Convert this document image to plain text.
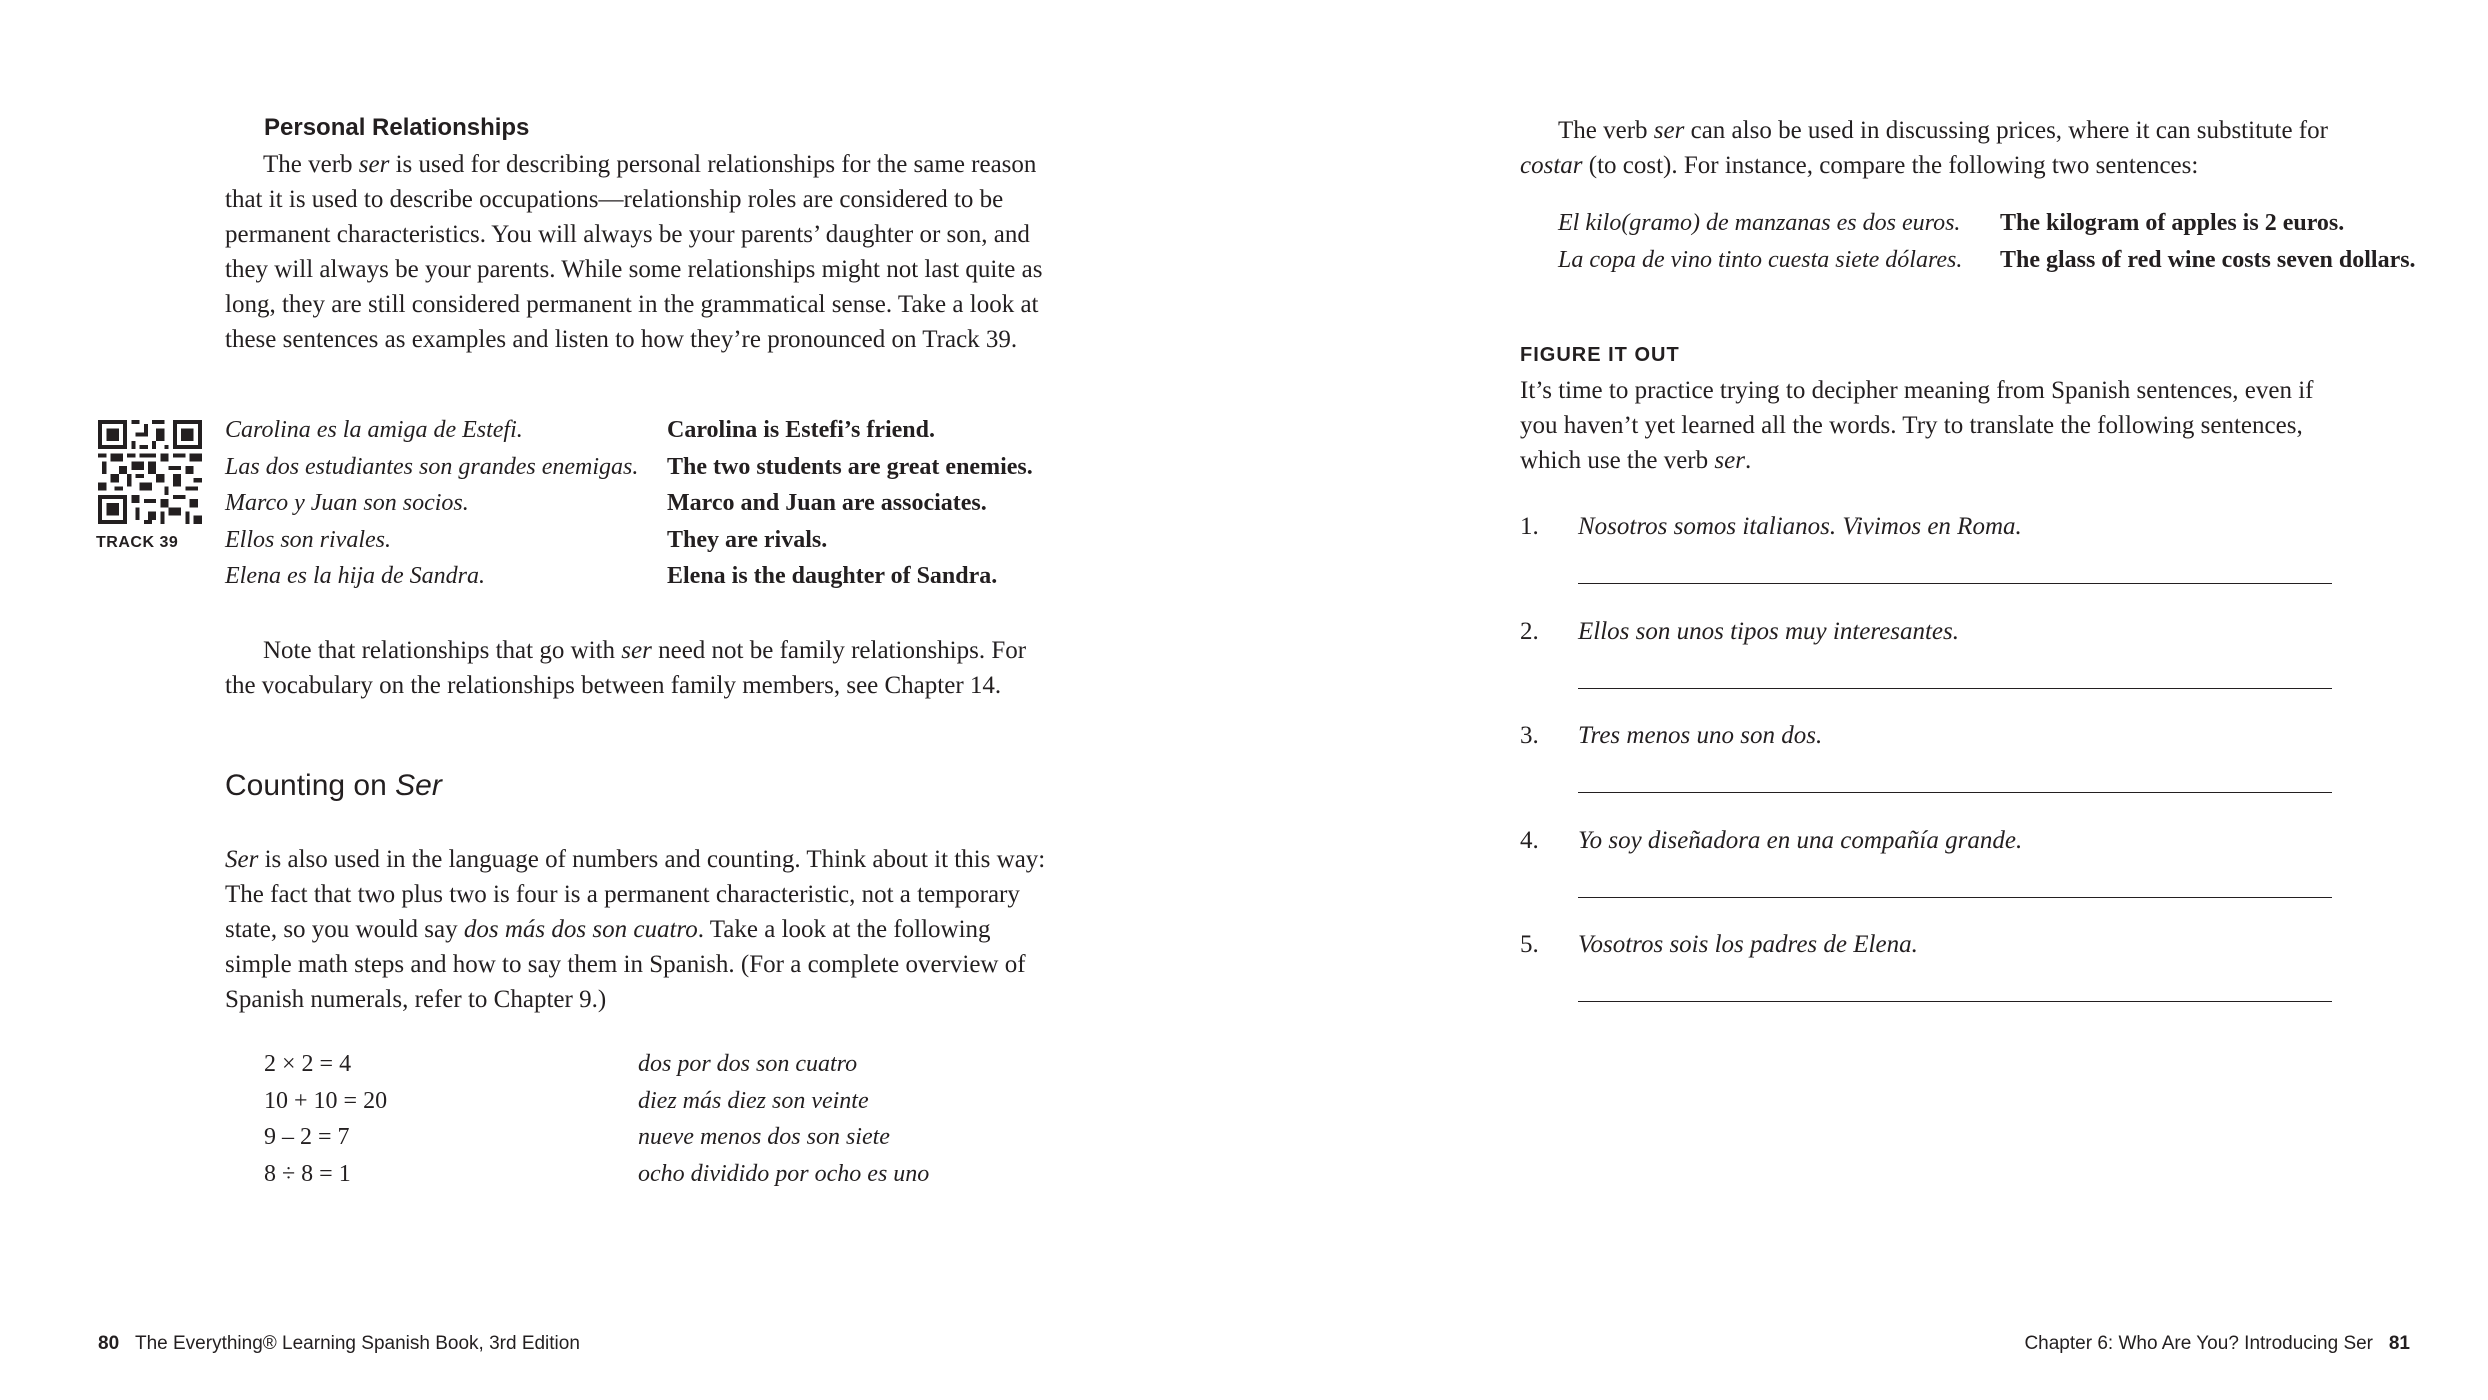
Personal Relationships

The verb ser is used for describing personal relationships for the same reason that it is used to describe occupations—relationship roles are considered to be permanent characteristics. You will always be your parents’ daughter or son, and they will always be your parents. While some relationships might not last quite as long, they are still considered permanent in the grammatical sense. Take a look at these sentences as examples and listen to how they’re pronounced on Track 39.

TRACK 39
Carolina es la amiga de Estefi.	Carolina is Estefi’s friend.
Las dos estudiantes son grandes enemigas.	The two students are great enemies.
Marco y Juan son socios.	Marco and Juan are associates.
Ellos son rivales.	They are rivals.
Elena es la hija de Sandra.	Elena is the daughter of Sandra.

Note that relationships that go with ser need not be family relationships. For the vocabulary on the relationships between family members, see Chapter 14.

Counting on Ser

Ser is also used in the language of numbers and counting. Think about it this way: The fact that two plus two is four is a permanent characteristic, not a temporary state, so you would say dos más dos son cuatro. Take a look at the following simple math steps and how to say them in Spanish. (For a complete overview of Spanish numerals, refer to Chapter 9.)

2 × 2 = 4	dos por dos son cuatro
10 + 10 = 20	diez más diez son veinte
9 – 2 = 7	nueve menos dos son siete
8 ÷ 8 = 1	ocho dividido por ocho es uno
80 The Everything® Learning Spanish Book, 3rd Edition

The verb ser can also be used in discussing prices, where it can substitute for costar (to cost). For instance, compare the following two sentences:

El kilo(gramo) de manzanas es dos euros.	The kilogram of apples is 2 euros.
La copa de vino tinto cuesta siete dólares.	The glass of red wine costs seven dollars.
FIGURE IT OUT

It’s time to practice trying to decipher meaning from Spanish sentences, even if you haven’t yet learned all the words. Try to translate the following sentences, which use the verb ser.

1. Nosotros somos italianos. Vivimos en Roma.
2. Ellos son unos tipos muy interesantes.
3. Tres menos uno son dos.
4. Yo soy diseñadora en una compañía grande.
5. Vosotros sois los padres de Elena.
Chapter 6: Who Are You? Introducing Ser 81
